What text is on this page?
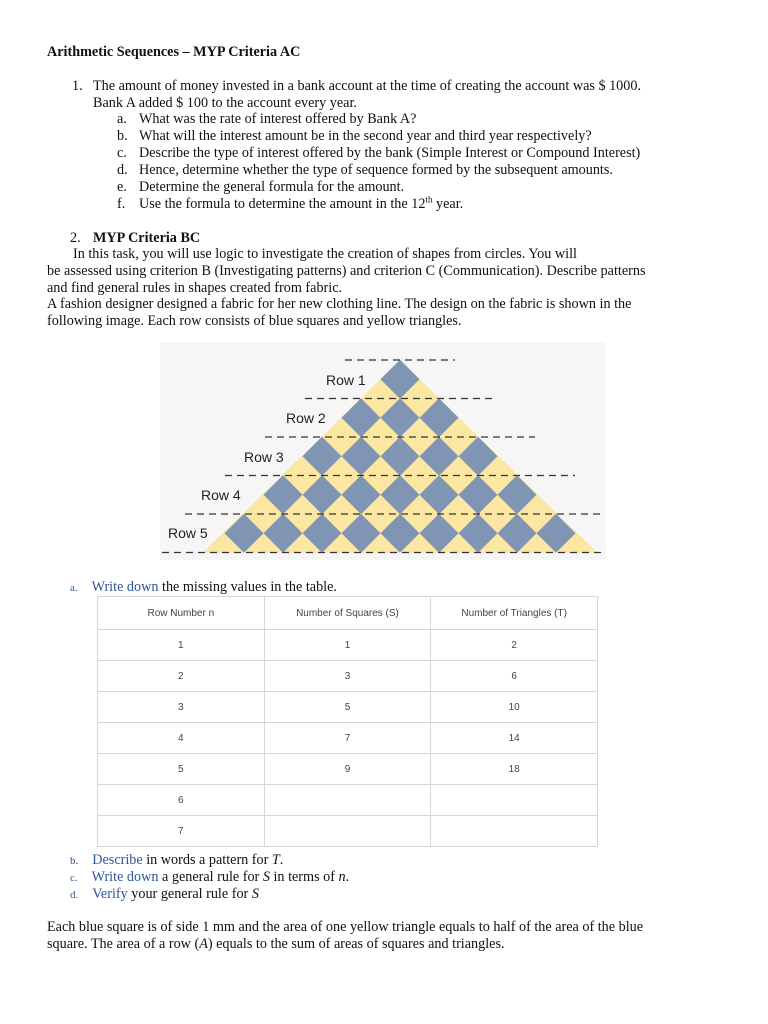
Arithmetic Sequences – MYP Criteria AC
1. The amount of money invested in a bank account at the time of creating the account was $ 1000.
Bank A added $ 100 to the account every year.
a. What was the rate of interest offered by Bank A?
b. What will the interest amount be in the second year and third year respectively?
c. Describe the type of interest offered by the bank (Simple Interest or Compound Interest)
d. Hence, determine whether the type of sequence formed by the subsequent amounts.
e. Determine the general formula for the amount.
f. Use the formula to determine the amount in the 12th year.
2. MYP Criteria BC
In this task, you will use logic to investigate the creation of shapes from circles. You will
be assessed using criterion B (Investigating patterns) and criterion C (Communication). Describe patterns
and find general rules in shapes created from fabric.
A fashion designer designed a fabric for her new clothing line. The design on the fabric is shown in the
following image. Each row consists of blue squares and yellow triangles.
Row 1
Row 2
Row 3
Row 4
Row 5
a. Write down the missing values in the table.
Row Number n	Number of Squares (S)	Number of Triangles (T)
1	1	2
2	3	6
3	5	10
4	7	14
5	9	18
6		
7		
b. Describe in words a pattern for T.
c. Write down a general rule for S in terms of n.
d. Verify your general rule for S
Each blue square is of side 1 mm and the area of one yellow triangle equals to half of the area of the blue
square. The area of a row (A) equals to the sum of areas of squares and triangles.
